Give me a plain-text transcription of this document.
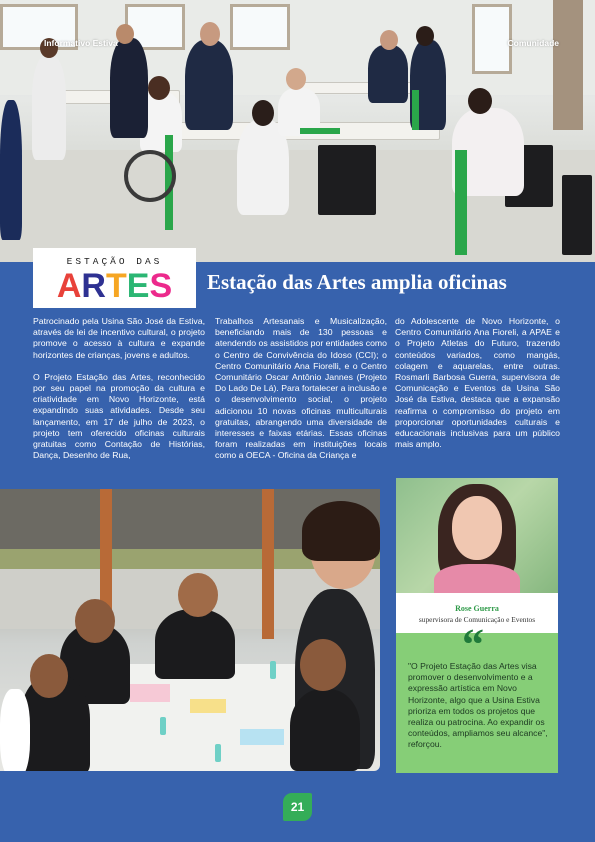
Informativo Estiva	Comunidade
ESTAÇÃO DAS
ARTES	Estação das Artes amplia oficinas

Patrocinado pela Usina São José da Estiva, através de lei de incentivo cultural, o projeto promove o acesso à cultura e expande horizontes de crianças, jovens e adultos.

O Projeto Estação das Artes, reconhecido por seu papel na promoção da cultura e criatividade em Novo Horizonte, está expandindo suas atividades. Desde seu lançamento, em 17 de julho de 2023, o projeto tem oferecido oficinas culturais gratuitas como Contação de Histórias, Dança, Desenho de Rua,

Trabalhos Artesanais e Musicalização, beneficiando mais de 130 pessoas e atendendo os assistidos por entidades como o Centro de Convivência do Idoso (CCI); o Centro Comunitário Ana Fiorelli, e o Centro Comunitário Oscar Antônio Jannes (Projeto Do Lado De Lá). Para fortalecer a inclusão e o desenvolvimento social, o projeto adicionou 10 novas oficinas multiculturais gratuitas, abrangendo uma diversidade de interesses e faixas etárias. Essas oficinas foram realizadas em instituições locais como a OECA - Oficina da Criança e

do Adolescente de Novo Horizonte, o Centro Comunitário Ana Fioreli, a APAE e o Projeto Atletas do Futuro, trazendo conteúdos variados, como mangás, colagem e aquarelas, entre outras. Rosmarli Barbosa Guerra, supervisora de Comunicação e Eventos da Usina São José da Estiva, destaca que a expansão reafirma o compromisso do projeto em proporcionar oportunidades culturais e educacionais inclusivas para um público mais amplo.

Rose Guerra
supervisora de Comunicação e Eventos
“
"O Projeto Estação das Artes visa promover o desenvolvimento e a expressão artística em Novo Horizonte, algo que a Usina Estiva prioriza em todos os projetos que realiza ou patrocina. Ao expandir os conteúdos, ampliamos seu alcance", reforçou.
21
